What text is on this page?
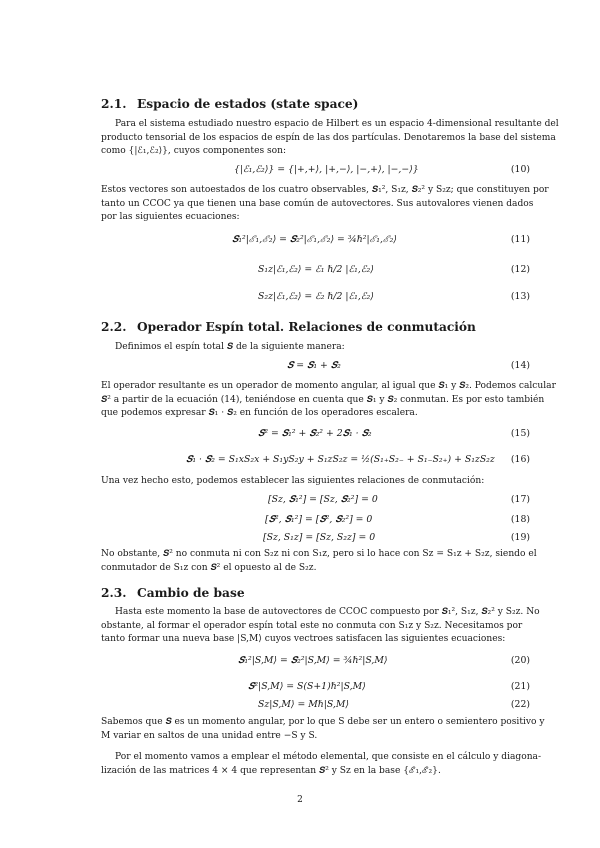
2.1. Espacio de estados (state space)
Para el sistema estudiado nuestro espacio de Hilbert es un espacio 4-dimensional resultante del
producto tensorial de los espacios de espín de las dos partículas. Denotaremos la base del sistema
como {|ℰ₁,ℰ₂⟩}, cuyos componentes son:
{|ℰ₁,ℰ₂⟩} = {|+,+⟩, |+,−⟩, |−,+⟩, |−,−⟩}	(10)
Estos vectores son autoestados de los cuatro observables, 𝑺₁², S₁z, 𝑺₂² y S₂z; que constituyen por
tanto un CCOC ya que tienen una base común de autovectores. Sus autovalores vienen dados
por las siguientes ecuaciones:
𝑺₁²|ℰ₁,ℰ₂⟩ = 𝑺₂²|ℰ₁,ℰ₂⟩ = ¾ℏ²|ℰ₁,ℰ₂⟩	(11)
S₁z|ℰ₁,ℰ₂⟩ = ℰ₁ ℏ/2 |ℰ₁,ℰ₂⟩	(12)
S₂z|ℰ₁,ℰ₂⟩ = ℰ₂ ℏ/2 |ℰ₁,ℰ₂⟩	(13)
2.2. Operador Espín total. Relaciones de conmutación
Definimos el espín total 𝑺 de la siguiente manera:
𝑺 = 𝑺₁ + 𝑺₂	(14)
El operador resultante es un operador de momento angular, al igual que 𝑺₁ y 𝑺₂. Podemos calcular
𝑺² a partir de la ecuación (14), teniéndose en cuenta que 𝑺₁ y 𝑺₂ conmutan. Es por esto también
que podemos expresar 𝑺₁ · 𝑺₂ en función de los operadores escalera.
𝑺² = 𝑺₁² + 𝑺₂² + 2𝑺₁ · 𝑺₂	(15)
𝑺₁ · 𝑺₂ = S₁xS₂x + S₁yS₂y + S₁zS₂z = ½(S₁₊S₂₋ + S₁₋S₂₊) + S₁zS₂z (16)
Una vez hecho esto, podemos establecer las siguientes relaciones de conmutación:
[Sz, 𝑺₁²] = [Sz, 𝑺₂²] = 0	(17)
[𝑺², 𝑺₁²] = [𝑺², 𝑺₂²] = 0	(18)
[Sz, S₁z] = [Sz, S₂z] = 0	(19)
No obstante, 𝑺² no conmuta ni con S₂z ni con S₁z, pero si lo hace con Sz = S₁z + S₂z, siendo el
conmutador de S₁z con 𝑺² el opuesto al de S₂z.
2.3. Cambio de base
Hasta este momento la base de autovectores de CCOC compuesto por 𝑺₁², S₁z, 𝑺₂² y S₂z. No
obstante, al formar el operador espín total este no conmuta con S₁z y S₂z. Necesitamos por
tanto formar una nueva base |S,M⟩ cuyos vectroes satisfacen las siguientes ecuaciones:
𝑺₁²|S,M⟩ = 𝑺₂²|S,M⟩ = ¾ℏ²|S,M⟩	(20)
𝑺²|S,M⟩ = S(S+1)ℏ²|S,M⟩	(21)
Sz|S,M⟩ = Mℏ|S,M⟩	(22)
Sabemos que 𝑺 es un momento angular, por lo que S debe ser un entero o semientero positivo y
M variar en saltos de una unidad entre −S y S.
Por el momento vamos a emplear el método elemental, que consiste en el cálculo y diagona-
lización de las matrices 4 × 4 que representan 𝑺² y Sz en la base {ℰ₁,ℰ₂}.
2
